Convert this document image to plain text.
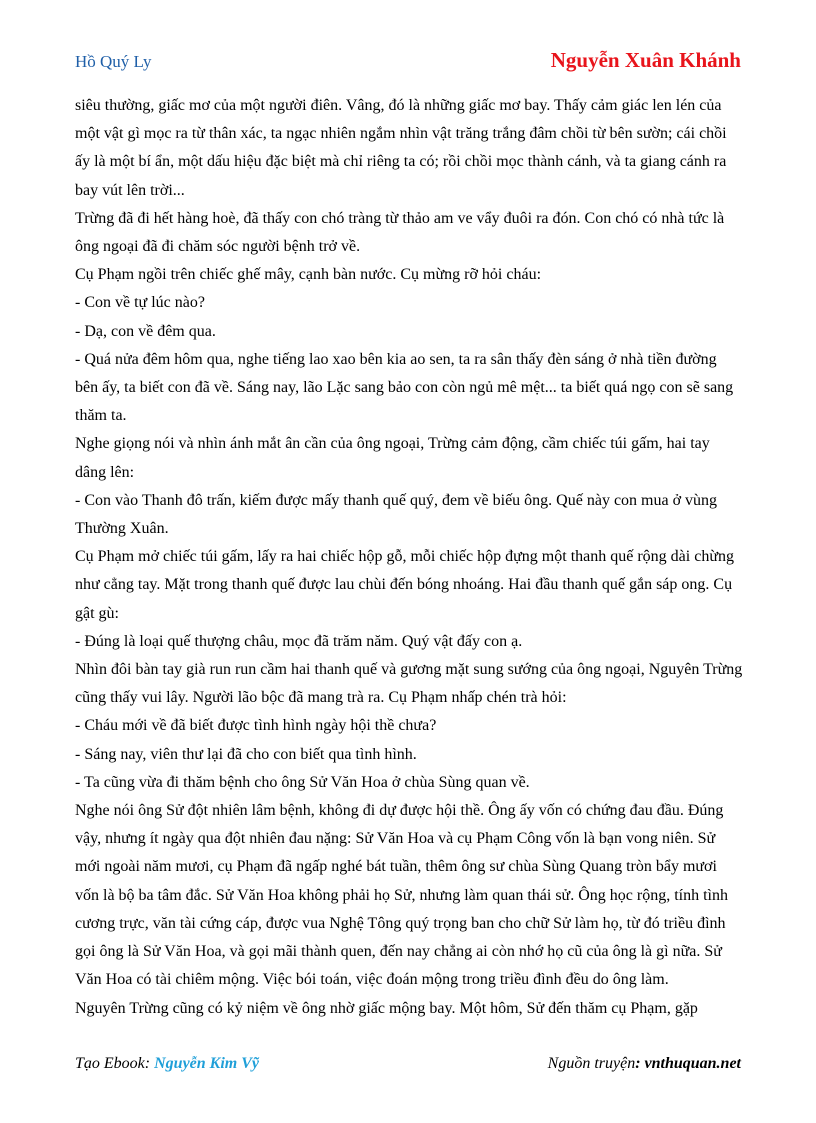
Hồ Quý Ly	Nguyễn Xuân Khánh

siêu thường, giấc mơ của một người điên. Vâng, đó là những giấc mơ bay. Thấy cảm giác len lén của một vật gì mọc ra từ thân xác, ta ngạc nhiên ngắm nhìn vật trăng trắng đâm chồi từ bên sườn; cái chồi ấy là một bí ẩn, một dấu hiệu đặc biệt mà chỉ riêng ta có; rồi chồi mọc thành cánh, và ta giang cánh ra bay vút lên trời...

Trừng đã đi hết hàng hoè, đã thấy con chó tràng từ thảo am ve vẩy đuôi ra đón. Con chó có nhà tức là ông ngoại đã đi chăm sóc người bệnh trở về.

Cụ Phạm ngồi trên chiếc ghế mây, cạnh bàn nước. Cụ mừng rỡ hỏi cháu:

- Con về tự lúc nào?

- Dạ, con về đêm qua.

- Quá nửa đêm hôm qua, nghe tiếng lao xao bên kia ao sen, ta ra sân thấy đèn sáng ở nhà tiền đường bên ấy, ta biết con đã về. Sáng nay, lão Lặc sang bảo con còn ngủ mê mệt... ta biết quá ngọ con sẽ sang thăm ta.

Nghe giọng nói và nhìn ánh mắt ân cần của ông ngoại, Trừng cảm động, cầm chiếc túi gấm, hai tay dâng lên:

- Con vào Thanh đô trấn, kiếm được mấy thanh quế quý, đem về biếu ông. Quế này con mua ở vùng Thường Xuân.

Cụ Phạm mở chiếc túi gấm, lấy ra hai chiếc hộp gỗ, mỗi chiếc hộp đựng một thanh quế rộng dài chừng như cẳng tay. Mặt trong thanh quế được lau chùi đến bóng nhoáng. Hai đầu thanh quế gắn sáp ong. Cụ gật gù:

- Đúng là loại quế thượng châu, mọc đã trăm năm. Quý vật đấy con ạ.

Nhìn đôi bàn tay già run run cầm hai thanh quế và gương mặt sung sướng của ông ngoại, Nguyên Trừng cũng thấy vui lây. Người lão bộc đã mang trà ra. Cụ Phạm nhấp chén trà hỏi:

- Cháu mới về đã biết được tình hình ngày hội thề chưa?

- Sáng nay, viên thư lại đã cho con biết qua tình hình.

- Ta cũng vừa đi thăm bệnh cho ông Sử Văn Hoa ở chùa Sùng quan về.

Nghe nói ông Sử đột nhiên lâm bệnh, không đi dự được hội thề. Ông ấy vốn có chứng đau đầu. Đúng vậy, nhưng ít ngày qua đột nhiên đau nặng: Sử Văn Hoa và cụ Phạm Công vốn là bạn vong niên. Sử mới ngoài năm mươi, cụ Phạm đã ngấp nghé bát tuần, thêm ông sư chùa Sùng Quang tròn bẩy mươi vốn là bộ ba tâm đắc. Sử Văn Hoa không phải họ Sử, nhưng làm quan thái sử. Ông học rộng, tính tình cương trực, văn tài cứng cáp, được vua Nghệ Tông quý trọng ban cho chữ Sử làm họ, từ đó triều đình gọi ông là Sử Văn Hoa, và gọi mãi thành quen, đến nay chẳng ai còn nhớ họ cũ của ông là gì nữa. Sử Văn Hoa có tài chiêm mộng. Việc bói toán, việc đoán mộng trong triều đình đều do ông làm.

Nguyên Trừng cũng có kỷ niệm về ông nhờ giấc mộng bay. Một hôm, Sử đến thăm cụ Phạm, gặp

Tạo Ebook: Nguyễn Kim Vỹ	Nguồn truyện: vnthuquan.net
